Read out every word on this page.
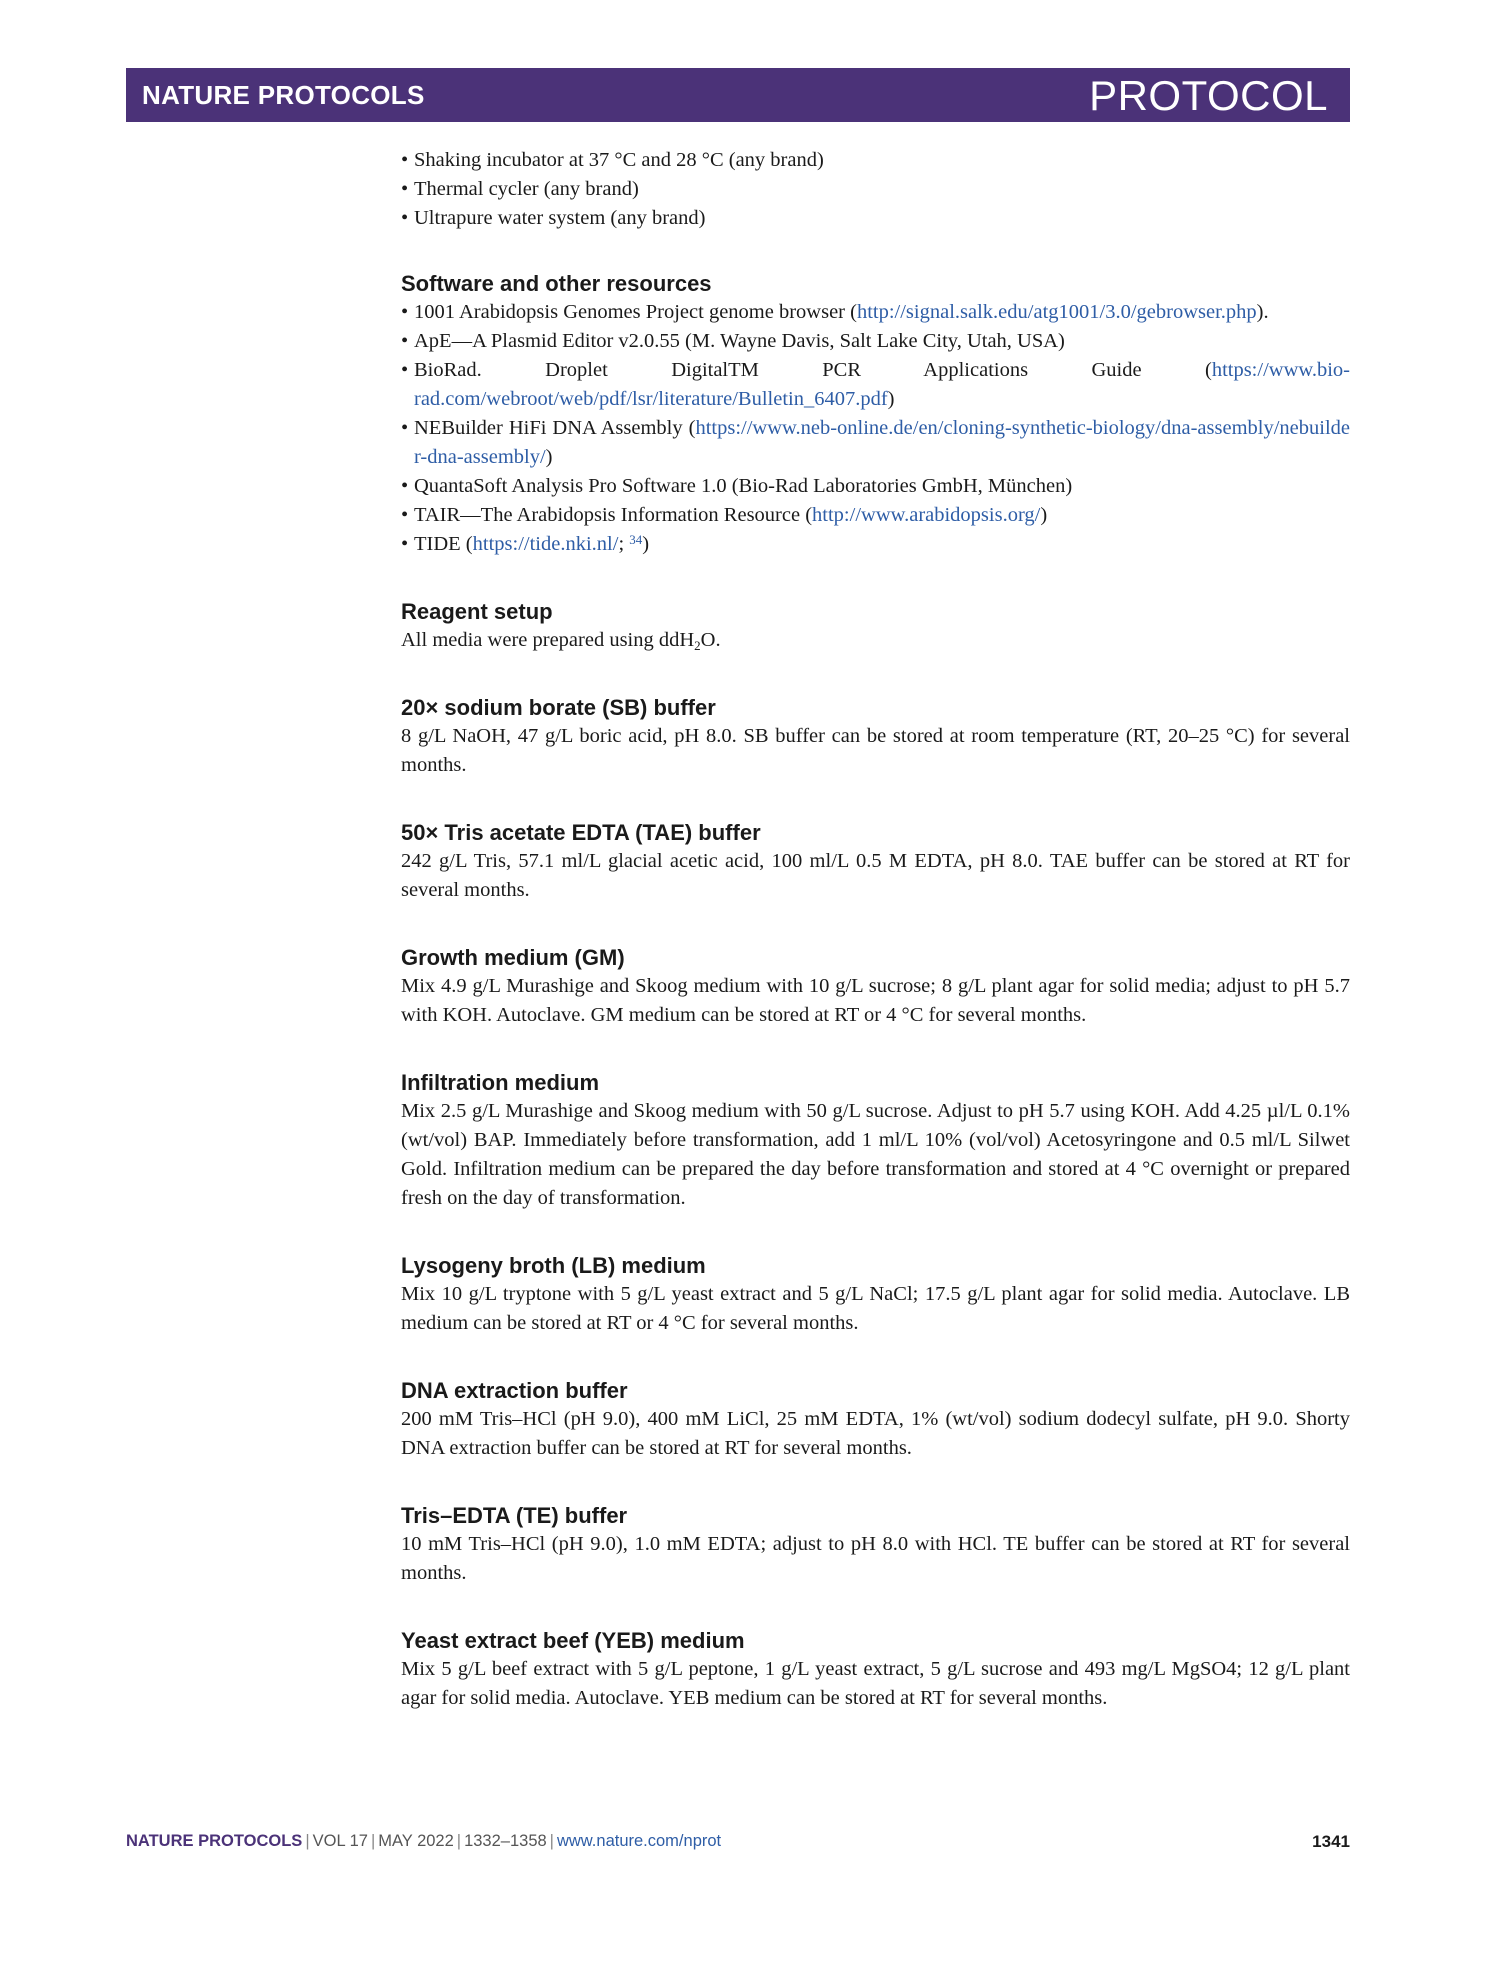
NATURE PROTOCOLS	PROTOCOL
• Shaking incubator at 37 °C and 28 °C (any brand)
• Thermal cycler (any brand)
• Ultrapure water system (any brand)
Software and other resources
• 1001 Arabidopsis Genomes Project genome browser (http://signal.salk.edu/atg1001/3.0/gebrowser.php).
• ApE—A Plasmid Editor v2.0.55 (M. Wayne Davis, Salt Lake City, Utah, USA)
• BioRad. Droplet DigitalTM PCR Applications Guide (https://www.bio-rad.com/webroot/web/pdf/lsr/literature/Bulletin_6407.pdf)
• NEBuilder HiFi DNA Assembly (https://www.neb-online.de/en/cloning-synthetic-biology/dna-assembly/nebuilder-dna-assembly/)
• QuantaSoft Analysis Pro Software 1.0 (Bio-Rad Laboratories GmbH, München)
• TAIR—The Arabidopsis Information Resource (http://www.arabidopsis.org/)
• TIDE (https://tide.nki.nl/; $^{34}$)
Reagent setup

All media were prepared using ddH$_2$O.

20× sodium borate (SB) buffer

8 g/L NaOH, 47 g/L boric acid, pH 8.0. SB buffer can be stored at room temperature (RT, 20–25 °C) for several months.

50× Tris acetate EDTA (TAE) buffer

242 g/L Tris, 57.1 ml/L glacial acetic acid, 100 ml/L 0.5 M EDTA, pH 8.0. TAE buffer can be stored at RT for several months.

Growth medium (GM)

Mix 4.9 g/L Murashige and Skoog medium with 10 g/L sucrose; 8 g/L plant agar for solid media; adjust to pH 5.7 with KOH. Autoclave. GM medium can be stored at RT or 4 °C for several months.

Infiltration medium

Mix 2.5 g/L Murashige and Skoog medium with 50 g/L sucrose. Adjust to pH 5.7 using KOH. Add 4.25 µl/L 0.1% (wt/vol) BAP. Immediately before transformation, add 1 ml/L 10% (vol/vol) Acetosyringone and 0.5 ml/L Silwet Gold. Infiltration medium can be prepared the day before transformation and stored at 4 °C overnight or prepared fresh on the day of transformation.

Lysogeny broth (LB) medium

Mix 10 g/L tryptone with 5 g/L yeast extract and 5 g/L NaCl; 17.5 g/L plant agar for solid media. Autoclave. LB medium can be stored at RT or 4 °C for several months.

DNA extraction buffer

200 mM Tris–HCl (pH 9.0), 400 mM LiCl, 25 mM EDTA, 1% (wt/vol) sodium dodecyl sulfate, pH 9.0. Shorty DNA extraction buffer can be stored at RT for several months.

Tris–EDTA (TE) buffer

10 mM Tris–HCl (pH 9.0), 1.0 mM EDTA; adjust to pH 8.0 with HCl. TE buffer can be stored at RT for several months.

Yeast extract beef (YEB) medium

Mix 5 g/L beef extract with 5 g/L peptone, 1 g/L yeast extract, 5 g/L sucrose and 493 mg/L MgSO4; 12 g/L plant agar for solid media. Autoclave. YEB medium can be stored at RT for several months.

NATURE PROTOCOLS | VOL 17 | MAY 2022 | 1332–1358 | www.nature.com/nprot	1341
